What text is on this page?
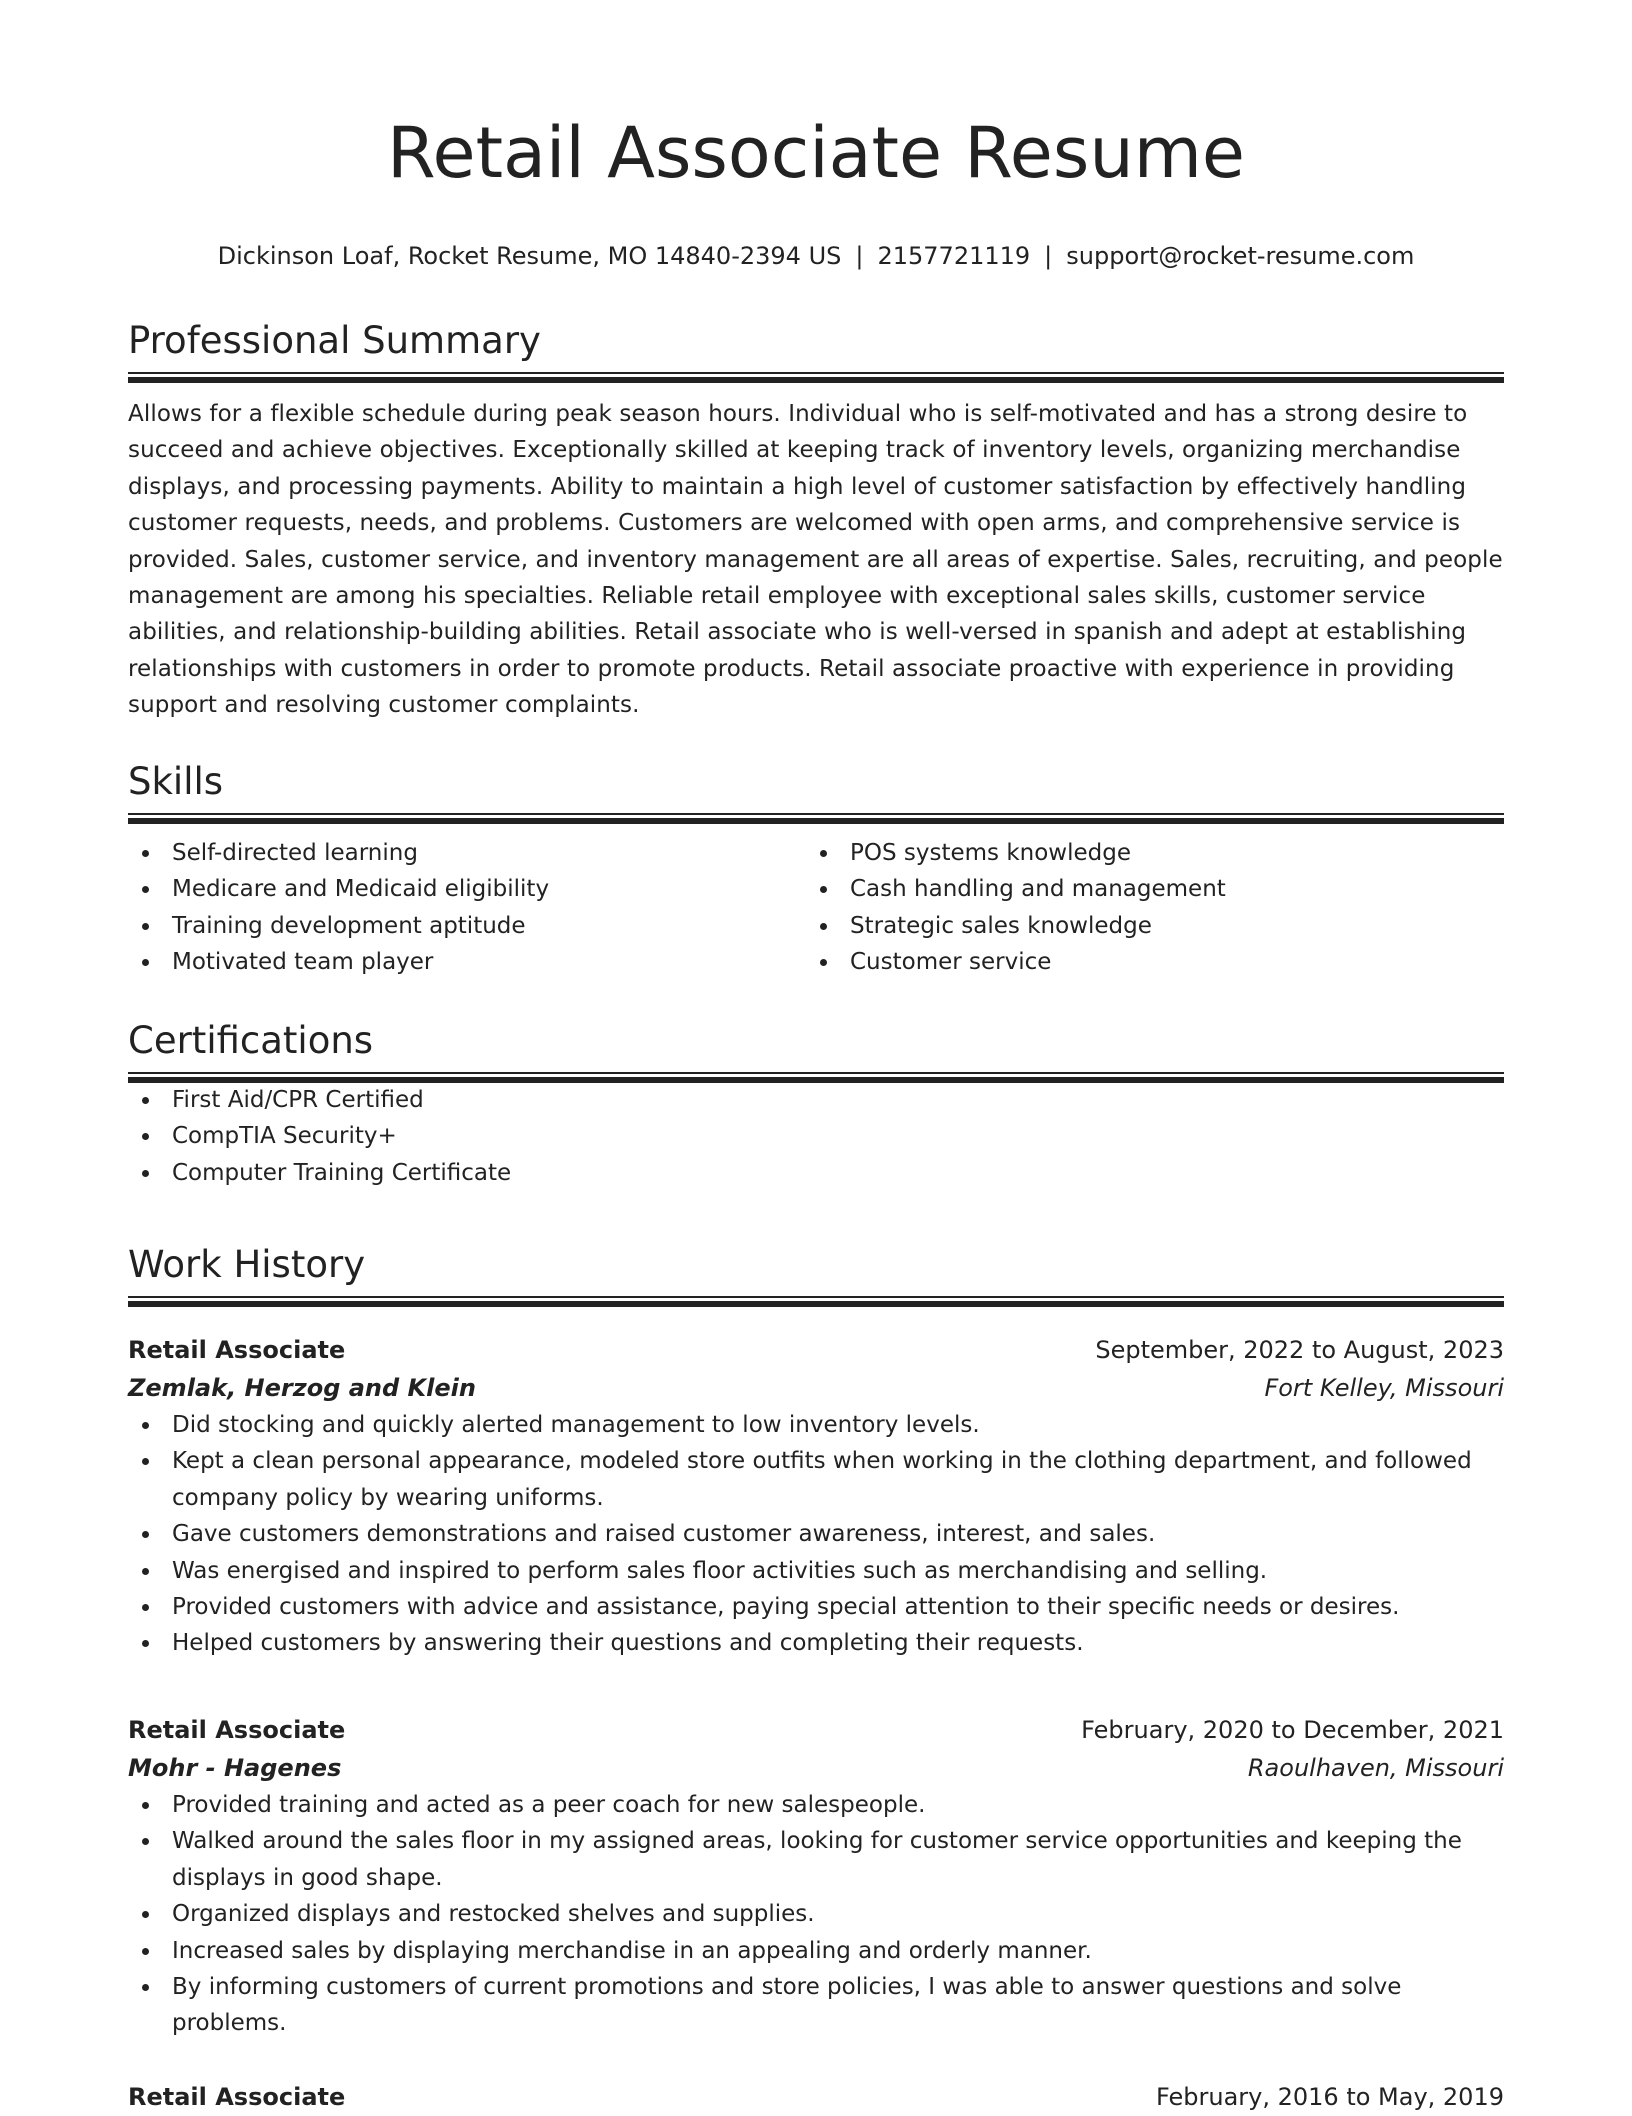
Retail Associate Resume
Dickinson Loaf, Rocket Resume, MO 14840-2394 US | 2157721119 | support@rocket-resume.com
Professional Summary

Allows for a flexible schedule during peak season hours. Individual who is self-motivated and has a strong desire to succeed and achieve objectives. Exceptionally skilled at keeping track of inventory levels, organizing merchandise displays, and processing payments. Ability to maintain a high level of customer satisfaction by effectively handling customer requests, needs, and problems. Customers are welcomed with open arms, and comprehensive service is provided. Sales, customer service, and inventory management are all areas of expertise. Sales, recruiting, and people management are among his specialties. Reliable retail employee with exceptional sales skills, customer service abilities, and relationship-building abilities. Retail associate who is well-versed in spanish and adept at establishing relationships with customers in order to promote products. Retail associate proactive with experience in providing support and resolving customer complaints.

Skills
Self-directed learning
Medicare and Medicaid eligibility
Training development aptitude
Motivated team player
POS systems knowledge
Cash handling and management
Strategic sales knowledge
Customer service
Certifications
First Aid/CPR Certified
CompTIA Security+
Computer Training Certificate
Work History
Retail Associate	September, 2022 to August, 2023
Zemlak, Herzog and Klein	Fort Kelley, Missouri
Did stocking and quickly alerted management to low inventory levels.
Kept a clean personal appearance, modeled store outfits when working in the clothing department, and followed company policy by wearing uniforms.
Gave customers demonstrations and raised customer awareness, interest, and sales.
Was energised and inspired to perform sales floor activities such as merchandising and selling.
Provided customers with advice and assistance, paying special attention to their specific needs or desires.
Helped customers by answering their questions and completing their requests.
Retail Associate	February, 2020 to December, 2021
Mohr - Hagenes	Raoulhaven, Missouri
Provided training and acted as a peer coach for new salespeople.
Walked around the sales floor in my assigned areas, looking for customer service opportunities and keeping the displays in good shape.
Organized displays and restocked shelves and supplies.
Increased sales by displaying merchandise in an appealing and orderly manner.
By informing customers of current promotions and store policies, I was able to answer questions and solve problems.
Retail Associate	February, 2016 to May, 2019
